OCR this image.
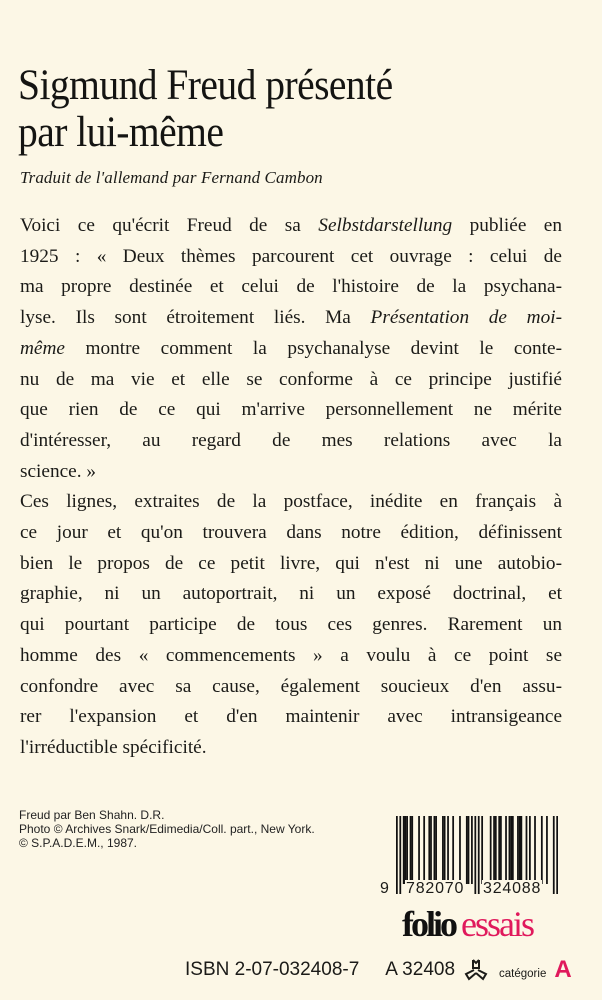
Sigmund Freud présenté
par lui-même
Traduit de l'allemand par Fernand Cambon

Voici ce qu'écrit Freud de sa Selbstdarstellung publiée en
1925 : « Deux thèmes parcourent cet ouvrage : celui de
ma propre destinée et celui de l'histoire de la psychana-
lyse. Ils sont étroitement liés. Ma Présentation de moi-
même montre comment la psychanalyse devint le conte-
nu de ma vie et elle se conforme à ce principe justifié
que rien de ce qui m'arrive personnellement ne mérite
d'intéresser, au regard de mes relations avec la
science. »

Ces lignes, extraites de la postface, inédite en français à
ce jour et qu'on trouvera dans notre édition, définissent
bien le propos de ce petit livre, qui n'est ni une autobio-
graphie, ni un autoportrait, ni un exposé doctrinal, et
qui pourtant participe de tous ces genres. Rarement un
homme des « commencements » a voulu à ce point se
confondre avec sa cause, également soucieux d'en assu-
rer l'expansion et d'en maintenir avec intransigeance
l'irréductible spécificité.

Freud par Ben Shahn. D.R.
Photo © Archives Snark/Edimedia/Coll. part., New York.
© S.P.A.D.E.M., 1987.
9 782070 324088
folio essais
ISBN 2-07-032408-7 A 32408	catégorie A
